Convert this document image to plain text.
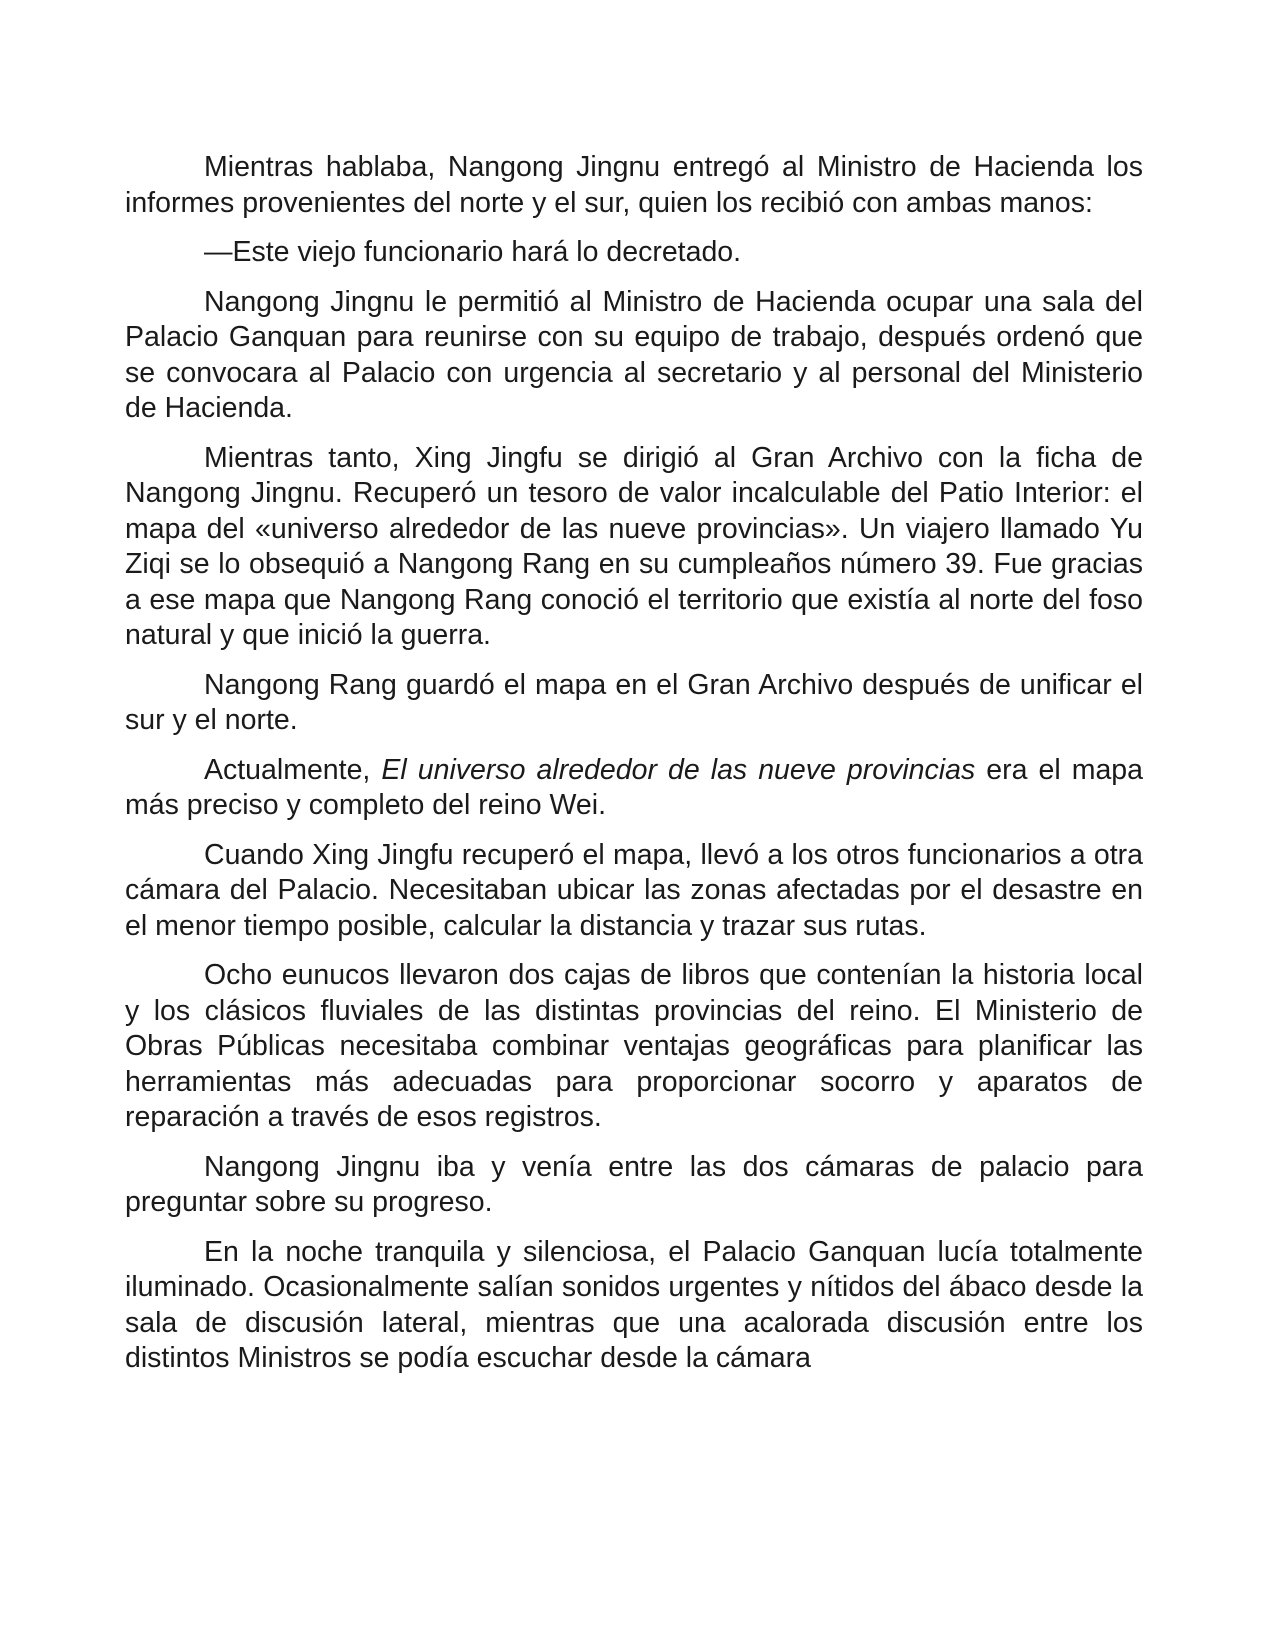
Mientras hablaba, Nangong Jingnu entregó al Ministro de Hacienda los informes provenientes del norte y el sur, quien los recibió con ambas manos:

—Este viejo funcionario hará lo decretado.

Nangong Jingnu le permitió al Ministro de Hacienda ocupar una sala del Palacio Ganquan para reunirse con su equipo de trabajo, después ordenó que se convocara al Palacio con urgencia al secretario y al personal del Ministerio de Hacienda.

Mientras tanto, Xing Jingfu se dirigió al Gran Archivo con la ficha de Nangong Jingnu. Recuperó un tesoro de valor incalculable del Patio Interior: el mapa del «universo alrededor de las nueve provincias». Un viajero llamado Yu Ziqi se lo obsequió a Nangong Rang en su cumpleaños número 39. Fue gracias a ese mapa que Nangong Rang conoció el territorio que existía al norte del foso natural y que inició la guerra.

Nangong Rang guardó el mapa en el Gran Archivo después de unificar el sur y el norte.

Actualmente, El universo alrededor de las nueve provincias era el mapa más preciso y completo del reino Wei.

Cuando Xing Jingfu recuperó el mapa, llevó a los otros funcionarios a otra cámara del Palacio. Necesitaban ubicar las zonas afectadas por el desastre en el menor tiempo posible, calcular la distancia y trazar sus rutas.

Ocho eunucos llevaron dos cajas de libros que contenían la historia local y los clásicos fluviales de las distintas provincias del reino. El Ministerio de Obras Públicas necesitaba combinar ventajas geográficas para planificar las herramientas más adecuadas para proporcionar socorro y aparatos de reparación a través de esos registros.

Nangong Jingnu iba y venía entre las dos cámaras de palacio para preguntar sobre su progreso.

En la noche tranquila y silenciosa, el Palacio Ganquan lucía totalmente iluminado. Ocasionalmente salían sonidos urgentes y nítidos del ábaco desde la sala de discusión lateral, mientras que una acalorada discusión entre los distintos Ministros se podía escuchar desde la cámara
